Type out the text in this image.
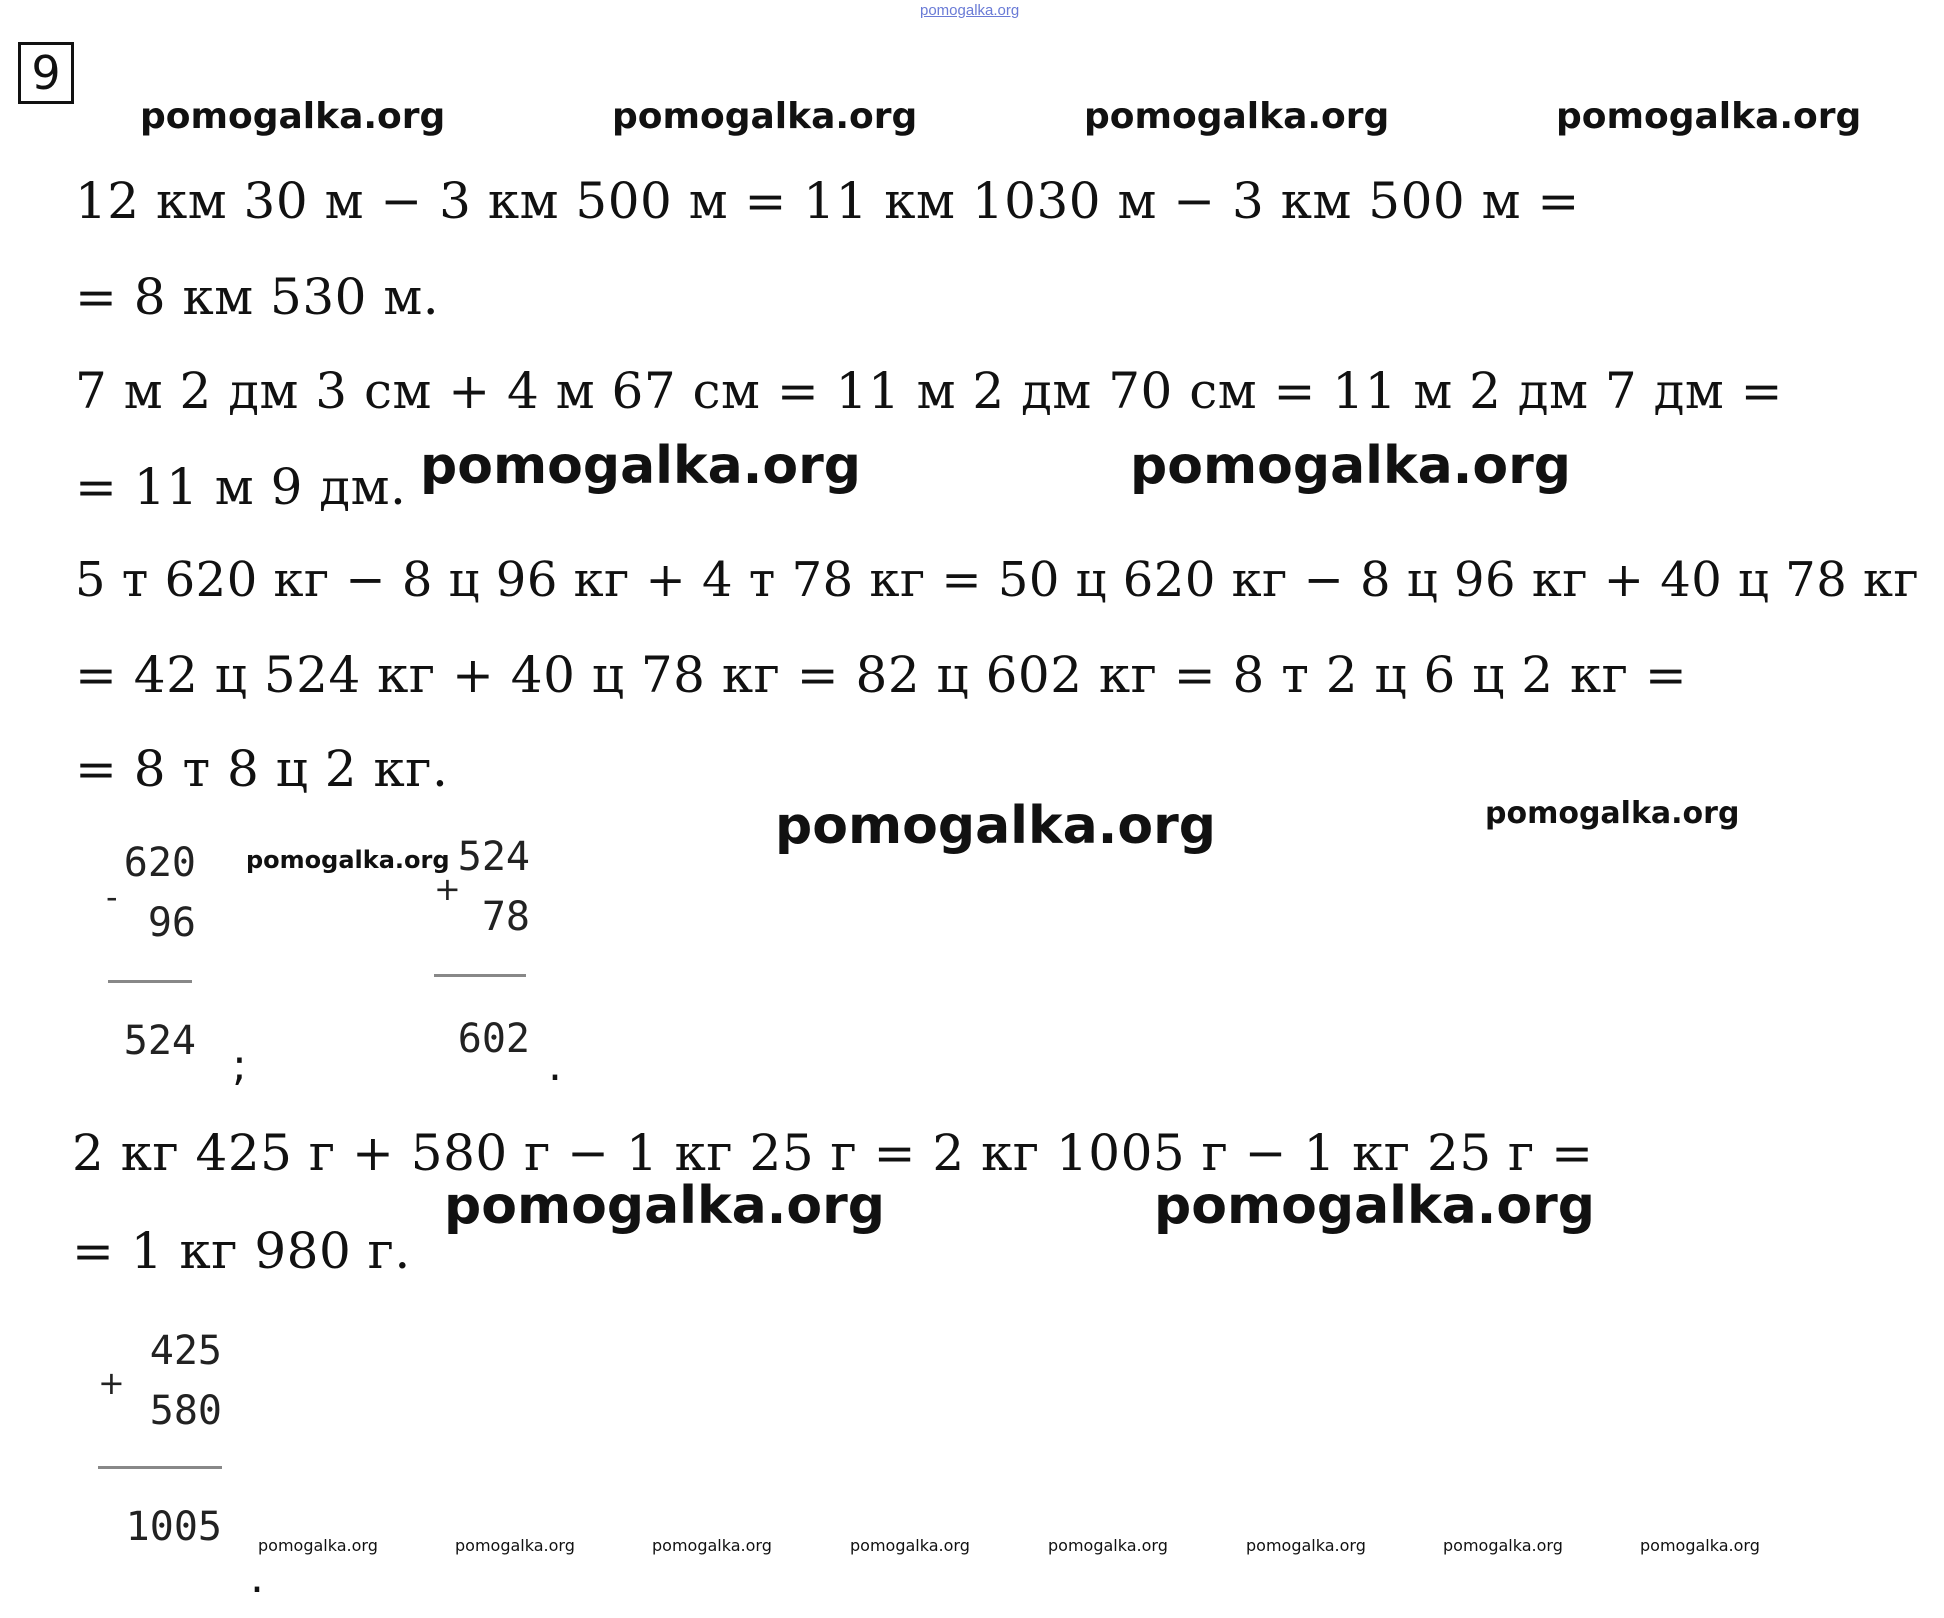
pomogalka.org
9
pomogalka.org	pomogalka.org	pomogalka.org	pomogalka.org
12 км 30 м − 3 км 500 м = 11 км 1030 м − 3 км 500 м =
= 8 км 530 м.
7 м 2 дм 3 см + 4 м 67 см = 11 м 2 дм 70 см = 11 м 2 дм 7 дм =
= 11 м 9 дм. pomogalka.org	pomogalka.org
5 т 620 кг − 8 ц 96 кг + 4 т 78 кг = 50 ц 620 кг − 8 ц 96 кг + 40 ц 78 кг
= 42 ц 524 кг + 40 ц 78 кг = 82 ц 602 кг = 8 т 2 ц 6 ц 2 кг =
= 8 т 8 ц 2 кг.
pomogalka.org
pomogalka.org	pomogalka.org
620
-
96
524 ;
524
+
78
602
.
2 кг 425 г + 580 г − 1 кг 25 г = 2 кг 1005 г − 1 кг 25 г =
pomogalka.org	pomogalka.org
= 1 кг 980 г.
425
+
580
1005
.
pomogalka.org	pomogalka.org	pomogalka.org	pomogalka.org	pomogalka.org	pomogalka.org	pomogalka.org	pomogalka.org
